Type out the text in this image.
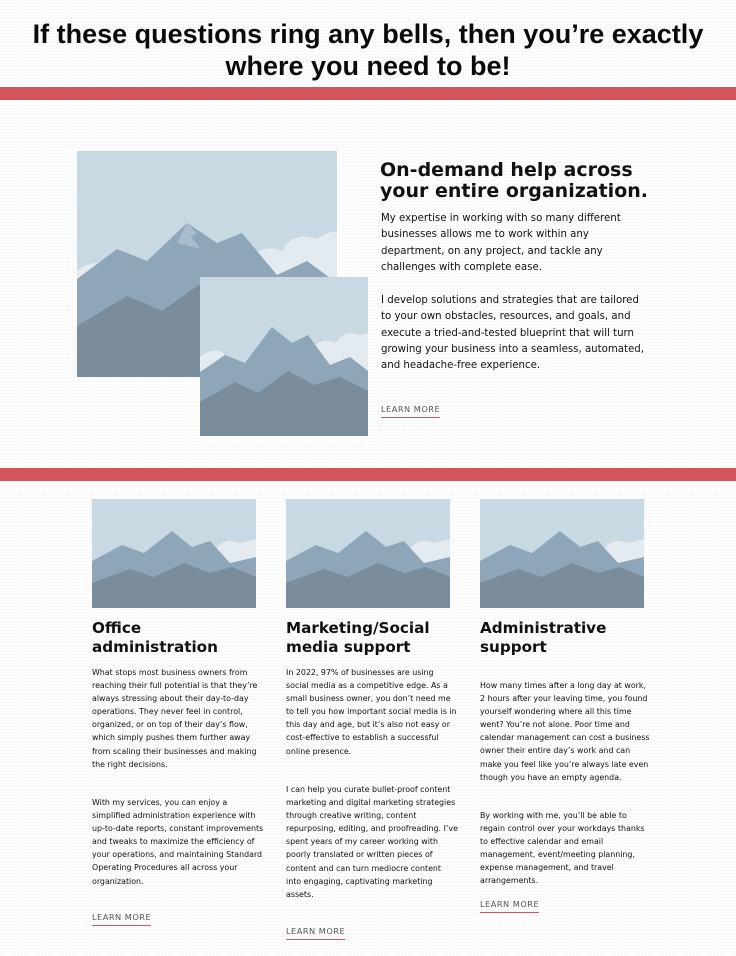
If these questions ring any bells, then you’re exactly where you need to be!
On-demand help across your entire organization.

My expertise in working with so many different businesses allows me to work within any department, on any project, and tackle any challenges with complete ease.

I develop solutions and strategies that are tailored to your own obstacles, resources, and goals, and execute a tried-and-tested blueprint that will turn growing your business into a seamless, automated, and headache-free experience.

LEARN MORE
Office administration

What stops most business owners from reaching their full potential is that they’re always stressing about their day-to-day operations. They never feel in control, organized, or on top of their day’s flow, which simply pushes them further away from scaling their businesses and making the right decisions.

With my services, you can enjoy a simplified administration experience with up-to-date reports, constant improvements and tweaks to maximize the efficiency of your operations, and maintaining Standard Operating Procedures all across your organization.

LEARN MORE
Marketing/Social media support

In 2022, 97% of businesses are using social media as a competitive edge. As a small business owner, you don’t need me to tell you how important social media is in this day and age, but it’s also not easy or cost-effective to establish a successful online presence.

I can help you curate bullet-proof content marketing and digital marketing strategies through creative writing, content repurposing, editing, and proofreading. I’ve spent years of my career working with poorly translated or written pieces of content and can turn mediocre content into engaging, captivating marketing assets.

LEARN MORE
Administrative support

How many times after a long day at work, 2 hours after your leaving time, you found yourself wondering where all this time went? You’re not alone. Poor time and calendar management can cost a business owner their entire day’s work and can make you feel like you’re always late even though you have an empty agenda.

By working with me, you’ll be able to regain control over your workdays thanks to effective calendar and email management, event/meeting planning, expense management, and travel arrangements.

LEARN MORE
